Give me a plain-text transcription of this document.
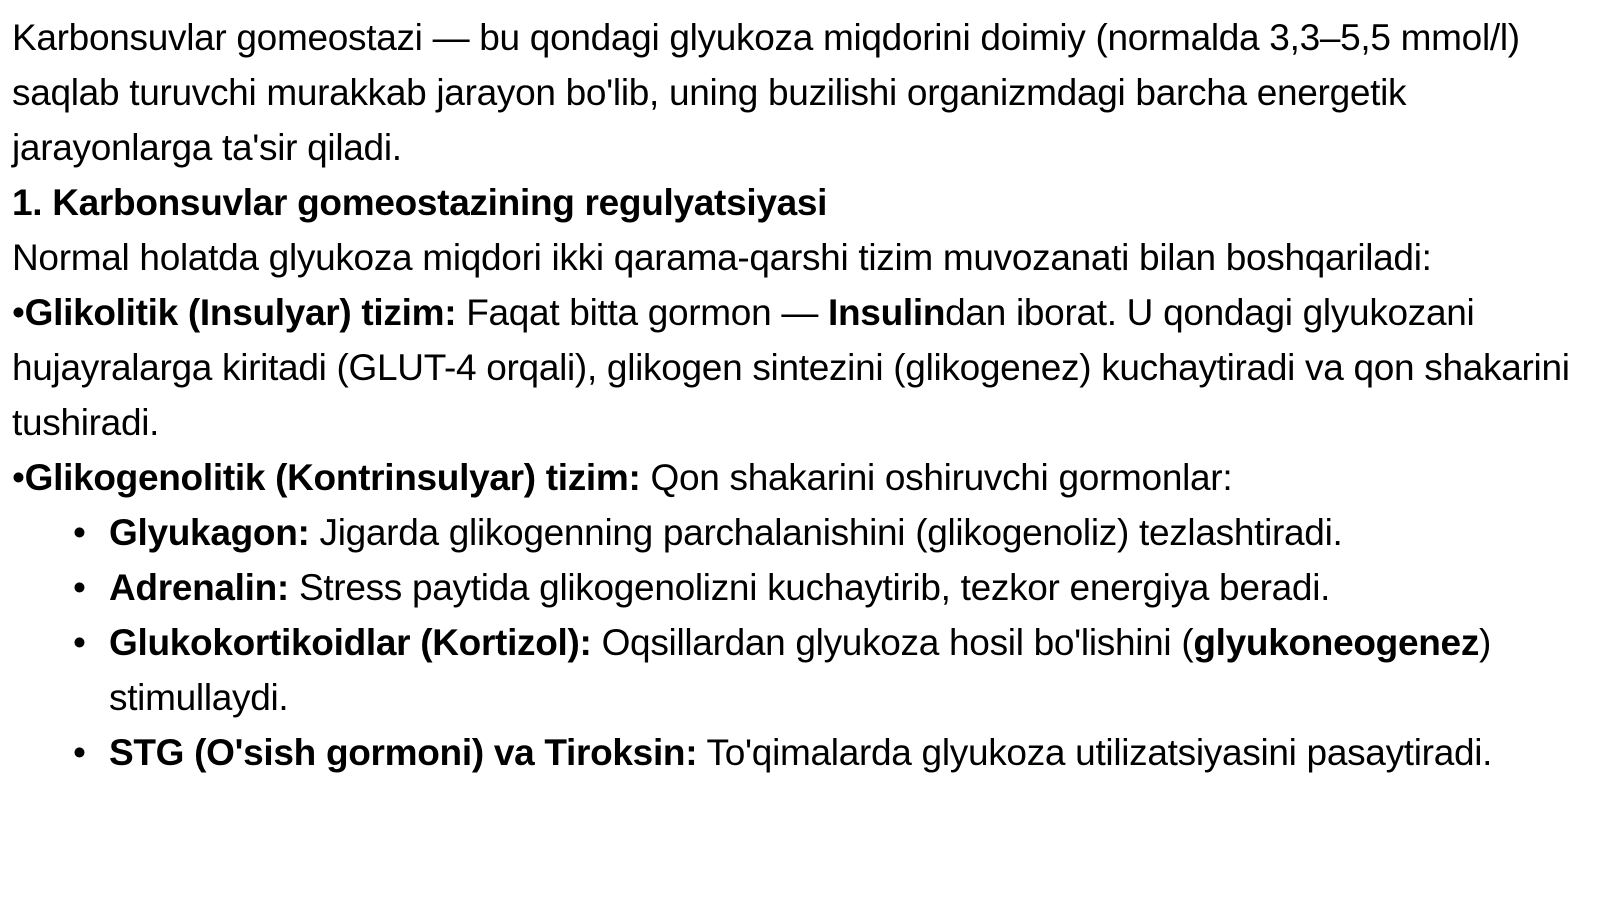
Karbonsuvlar gomeostazi — bu qondagi glyukoza miqdorini doimiy (normalda 3,3–5,5 mmol/l) saqlab turuvchi murakkab jarayon bo'lib, uning buzilishi organizmdagi barcha energetik jarayonlarga ta'sir qiladi.

1. Karbonsuvlar gomeostazining regulyatsiyasi

Normal holatda glyukoza miqdori ikki qarama-qarshi tizim muvozanati bilan boshqariladi:

•Glikolitik (Insulyar) tizim: Faqat bitta gormon — Insulindan iborat. U qondagi glyukozani hujayralarga kiritadi (GLUT-4 orqali), glikogen sintezini (glikogenez) kuchaytiradi va qon shakarini tushiradi.

•Glikogenolitik (Kontrinsulyar) tizim: Qon shakarini oshiruvchi gormonlar:

• Glyukagon: Jigarda glikogenning parchalanishini (glikogenoliz) tezlashtiradi.
• Adrenalin: Stress paytida glikogenolizni kuchaytirib, tezkor energiya beradi.
• Glukokortikoidlar (Kortizol): Oqsillardan glyukoza hosil bo'lishini (glyukoneogenez) stimullaydi.
• STG (O'sish gormoni) va Tiroksin: To'qimalarda glyukoza utilizatsiyasini pasaytiradi.
